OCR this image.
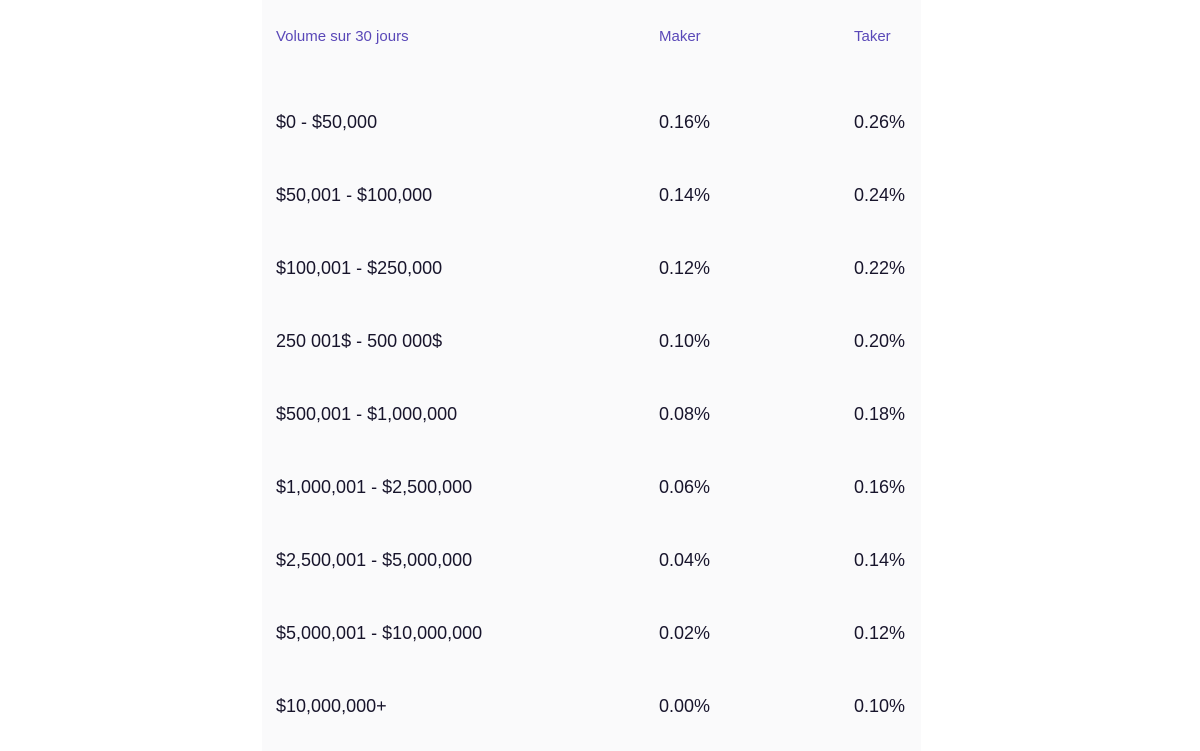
Volume sur 30 jours	Maker	Taker
$0 - $50,000	0.16%	0.26%
$50,001 - $100,000	0.14%	0.24%
$100,001 - $250,000	0.12%	0.22%
250 001$ - 500 000$	0.10%	0.20%
$500,001 - $1,000,000	0.08%	0.18%
$1,000,001 - $2,500,000	0.06%	0.16%
$2,500,001 - $5,000,000	0.04%	0.14%
$5,000,001 - $10,000,000	0.02%	0.12%
$10,000,000+	0.00%	0.10%
